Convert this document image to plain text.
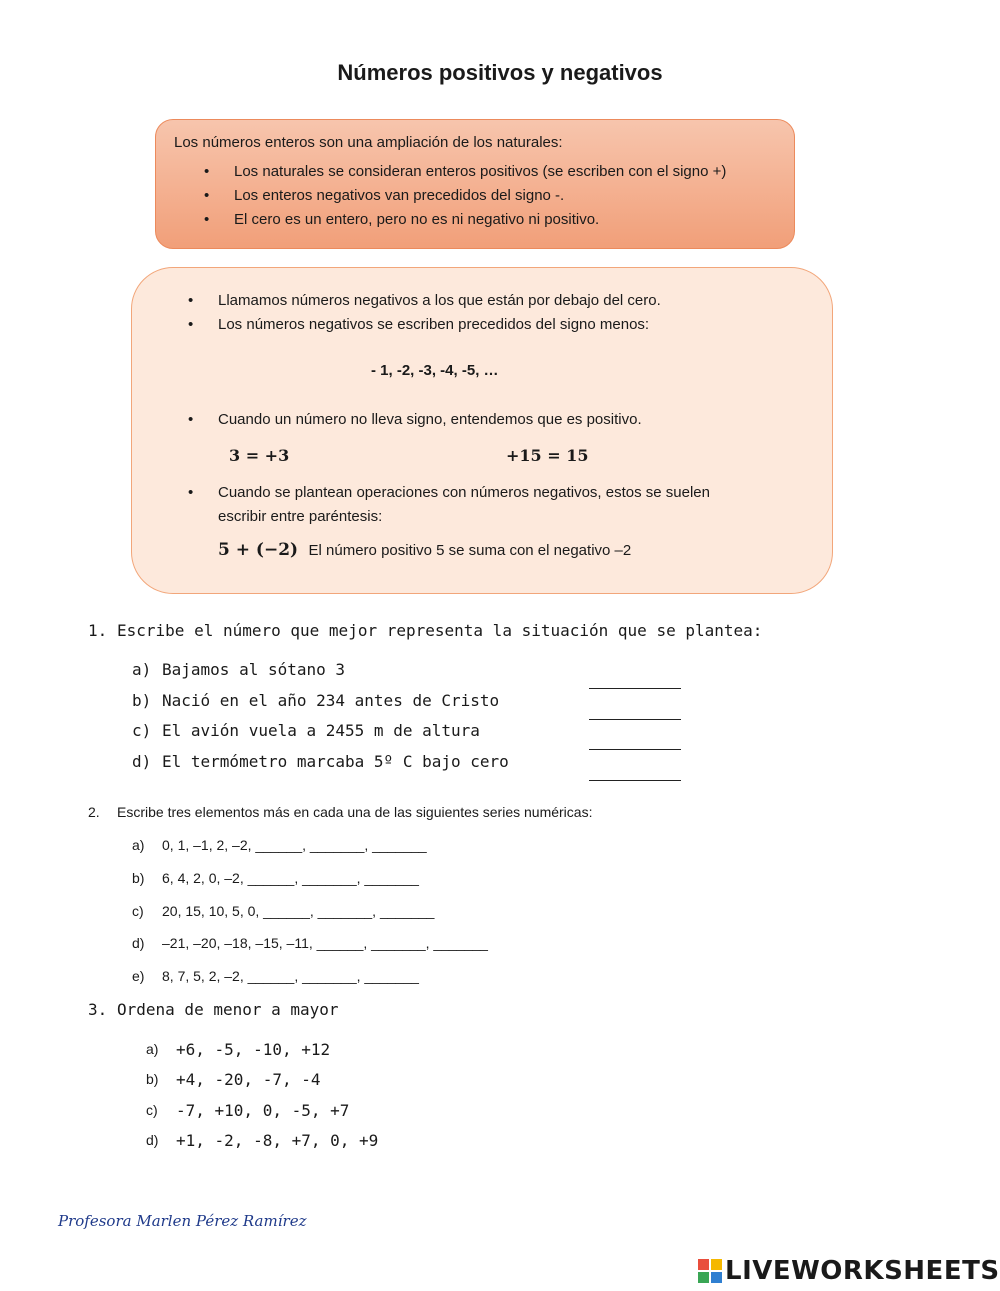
Números positivos y negativos
Los números enteros son una ampliación de los naturales:
• Los naturales se consideran enteros positivos (se escriben con el signo +)
• Los enteros negativos van precedidos del signo -.
• El cero es un entero, pero no es ni negativo ni positivo.
• Llamamos números negativos a los que están por debajo del cero.
• Los números negativos se escriben precedidos del signo menos:
- 1, -2, -3, -4, -5, …
• Cuando un número no lleva signo, entendemos que es positivo.
3 = +3	+15 = 15
• Cuando se plantean operaciones con números negativos, estos se suelen
escribir entre paréntesis:
5 + (−2) El número positivo 5 se suma con el negativo –2
1. Escribe el número que mejor representa la situación que se plantea:
a) Bajamos al sótano 3
b) Nació en el año 234 antes de Cristo
c) El avión vuela a 2455 m de altura
d) El termómetro marcaba 5º C bajo cero
2. Escribe tres elementos más en cada una de las siguientes series numéricas:
a) 0, 1, –1, 2, –2, ______, _______, _______
b) 6, 4, 2, 0, –2, ______, _______, _______
c) 20, 15, 10, 5, 0, ______, _______, _______
d) –21, –20, –18, –15, –11, ______, _______, _______
e) 8, 7, 5, 2, –2, ______, _______, _______
3. Ordena de menor a mayor
a) +6, -5, -10, +12
b) +4, -20, -7, -4
c) -7, +10, 0, -5, +7
d) +1, -2, -8, +7, 0, +9
Profesora Marlen Pérez Ramírez
LIVEWORKSHEETS
